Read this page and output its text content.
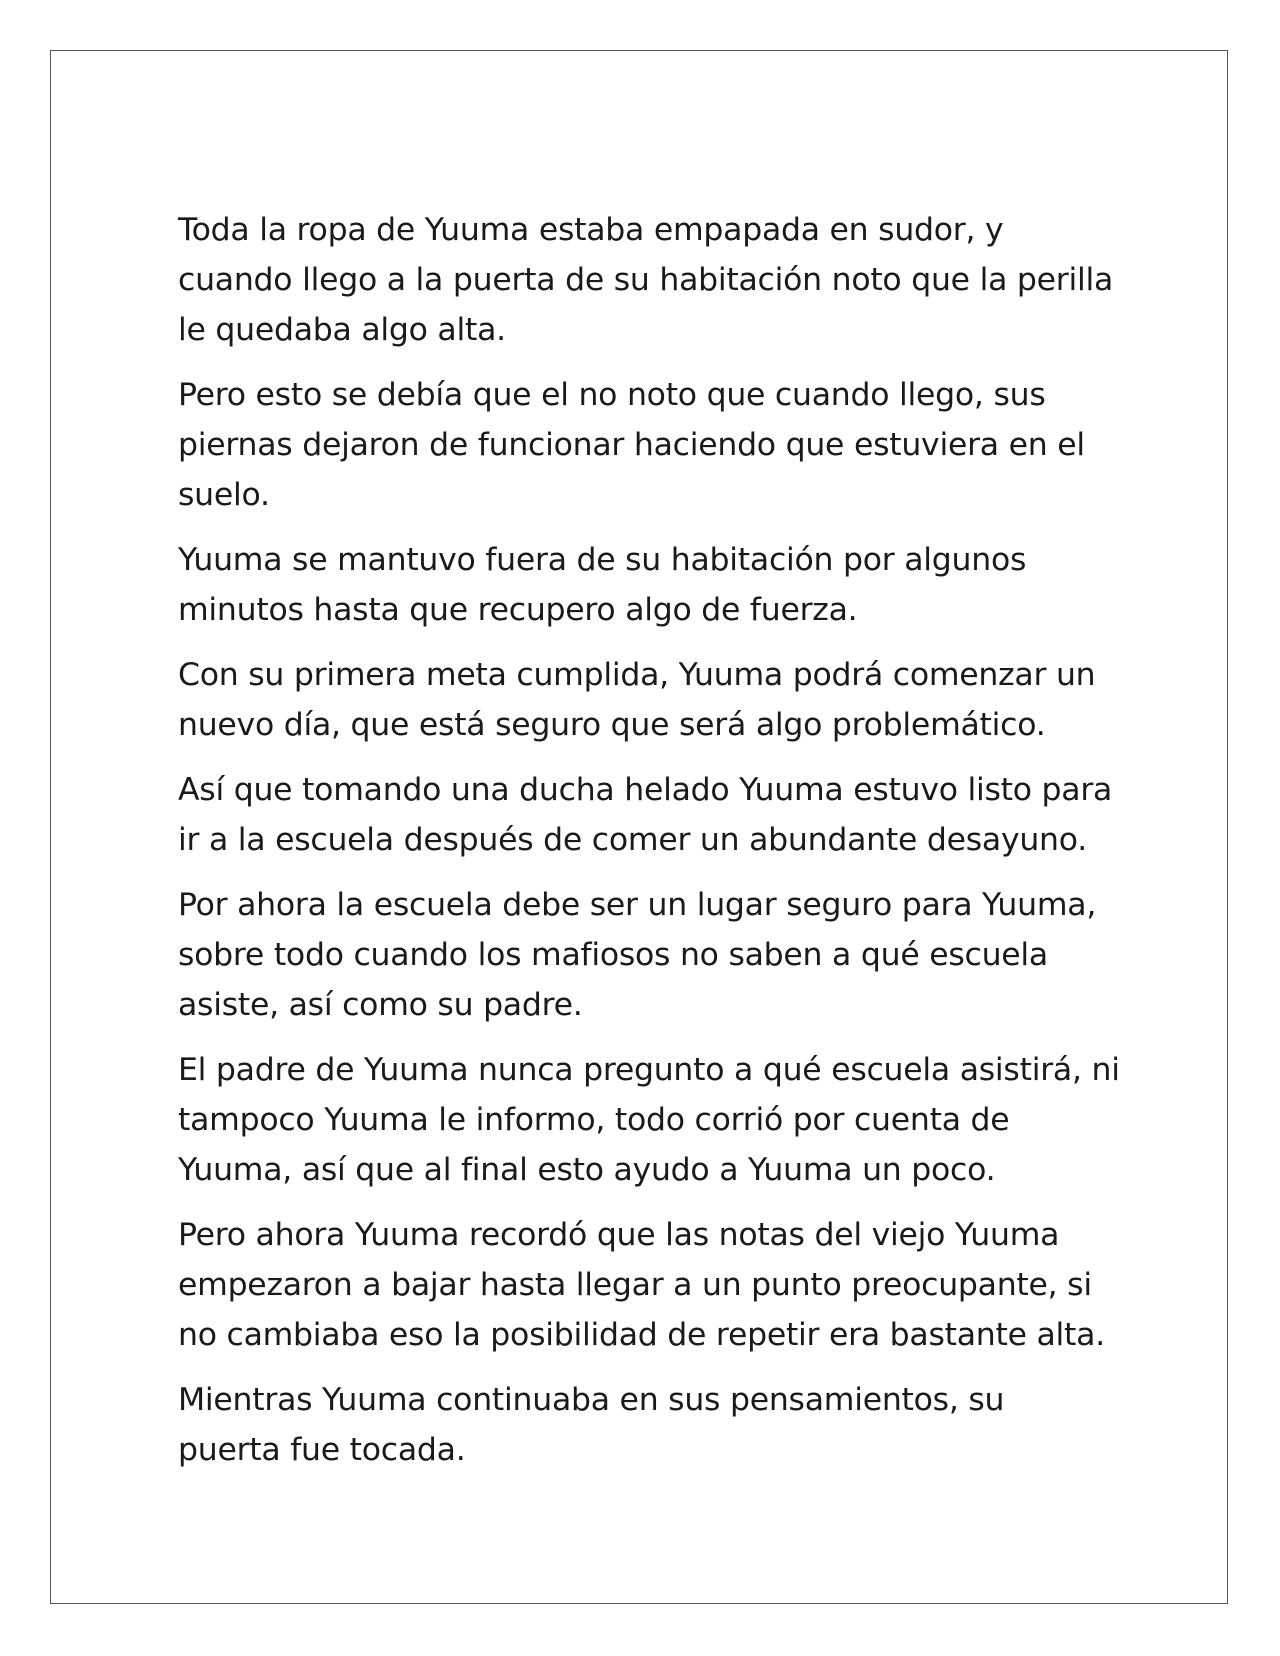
Toda la ropa de Yuuma estaba empapada en sudor, y
cuando llego a la puerta de su habitación noto que la perilla
le quedaba algo alta.

Pero esto se debía que el no noto que cuando llego, sus
piernas dejaron de funcionar haciendo que estuviera en el
suelo.

Yuuma se mantuvo fuera de su habitación por algunos
minutos hasta que recupero algo de fuerza.

Con su primera meta cumplida, Yuuma podrá comenzar un
nuevo día, que está seguro que será algo problemático.

Así que tomando una ducha helado Yuuma estuvo listo para
ir a la escuela después de comer un abundante desayuno.

Por ahora la escuela debe ser un lugar seguro para Yuuma,
sobre todo cuando los mafiosos no saben a qué escuela
asiste, así como su padre.

El padre de Yuuma nunca pregunto a qué escuela asistirá, ni
tampoco Yuuma le informo, todo corrió por cuenta de
Yuuma, así que al final esto ayudo a Yuuma un poco.

Pero ahora Yuuma recordó que las notas del viejo Yuuma
empezaron a bajar hasta llegar a un punto preocupante, si
no cambiaba eso la posibilidad de repetir era bastante alta.

Mientras Yuuma continuaba en sus pensamientos, su
puerta fue tocada.
